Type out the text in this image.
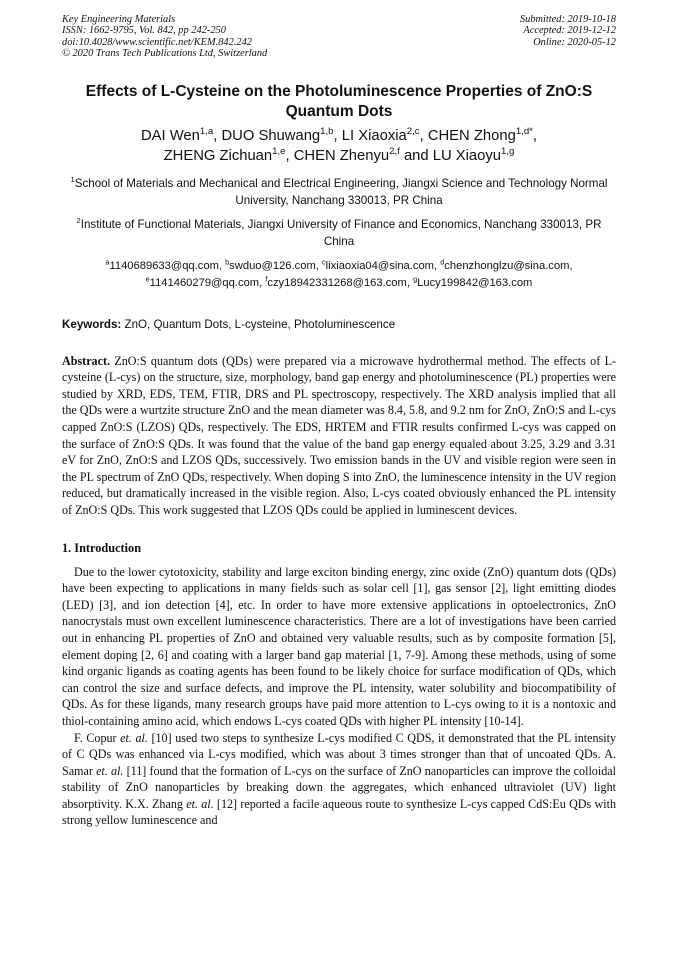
Key Engineering Materials
ISSN: 1662-9795, Vol. 842, pp 242-250
doi:10.4028/www.scientific.net/KEM.842.242
© 2020 Trans Tech Publications Ltd, Switzerland
Submitted: 2019-10-18
Accepted: 2019-12-12
Online: 2020-05-12
Effects of L-Cysteine on the Photoluminescence Properties of ZnO:S Quantum Dots
DAI Wen$^{1,a}$, DUO Shuwang$^{1,b}$, LI Xiaoxia$^{2,c}$, CHEN Zhong$^{1,d*}$,
ZHENG Zichuan$^{1,e}$, CHEN Zhenyu$^{2,f}$ and LU Xiaoyu$^{1,g}$
$^1$School of Materials and Mechanical and Electrical Engineering, Jiangxi Science and Technology Normal University, Nanchang 330013, PR China
$^2$Institute of Functional Materials, Jiangxi University of Finance and Economics, Nanchang 330013, PR China
$^a$1140689633@qq.com, $^b$swduo@126.com, $^c$lixiaoxia04@sina.com, $^d$chenzhonglzu@sina.com,
$^e$1141460279@qq.com, $^f$czy18942331268@163.com, $^g$Lucy199842@163.com
Keywords: ZnO, Quantum Dots, L-cysteine, Photoluminescence
Abstract. ZnO:S quantum dots (QDs) were prepared via a microwave hydrothermal method. The effects of L-cysteine (L-cys) on the structure, size, morphology, band gap energy and photoluminescence (PL) properties were studied by XRD, EDS, TEM, FTIR, DRS and PL spectroscopy, respectively. The XRD analysis implied that all the QDs were a wurtzite structure ZnO and the mean diameter was 8.4, 5.8, and 9.2 nm for ZnO, ZnO:S and L-cys capped ZnO:S (LZOS) QDs, respectively. The EDS, HRTEM and FTIR results confirmed L-cys was capped on the surface of ZnO:S QDs. It was found that the value of the band gap energy equaled about 3.25, 3.29 and 3.31 eV for ZnO, ZnO:S and LZOS QDs, successively. Two emission bands in the UV and visible region were seen in the PL spectrum of ZnO QDs, respectively. When doping S into ZnO, the luminescence intensity in the UV region reduced, but dramatically increased in the visible region. Also, L-cys coated obviously enhanced the PL intensity of ZnO:S QDs. This work suggested that LZOS QDs could be applied in luminescent devices.
1. Introduction
Due to the lower cytotoxicity, stability and large exciton binding energy, zinc oxide (ZnO) quantum dots (QDs) have been expecting to applications in many fields such as solar cell [1], gas sensor [2], light emitting diodes (LED) [3], and ion detection [4], etc. In order to have more extensive applications in optoelectronics, ZnO nanocrystals must own excellent luminescence characteristics. There are a lot of investigations have been carried out in enhancing PL properties of ZnO and obtained very valuable results, such as by composite formation [5], element doping [2, 6] and coating with a larger band gap material [1, 7-9]. Among these methods, using of some kind organic ligands as coating agents has been found to be likely choice for surface modification of QDs, which can control the size and surface defects, and improve the PL intensity, water solubility and biocompatibility of QDs. As for these ligands, many research groups have paid more attention to L-cys owing to it is a nontoxic and thiol-containing amino acid, which endows L-cys coated QDs with higher PL intensity [10-14].
F. Copur et. al. [10] used two steps to synthesize L-cys modified C QDS, it demonstrated that the PL intensity of C QDs was enhanced via L-cys modified, which was about 3 times stronger than that of uncoated QDs. A. Samar et. al. [11] found that the formation of L-cys on the surface of ZnO nanoparticles can improve the colloidal stability of ZnO nanoparticles by breaking down the aggregates, which enhanced ultraviolet (UV) light absorptivity. K.X. Zhang et. al. [12] reported a facile aqueous route to synthesize L-cys capped CdS:Eu QDs with strong yellow luminescence and
